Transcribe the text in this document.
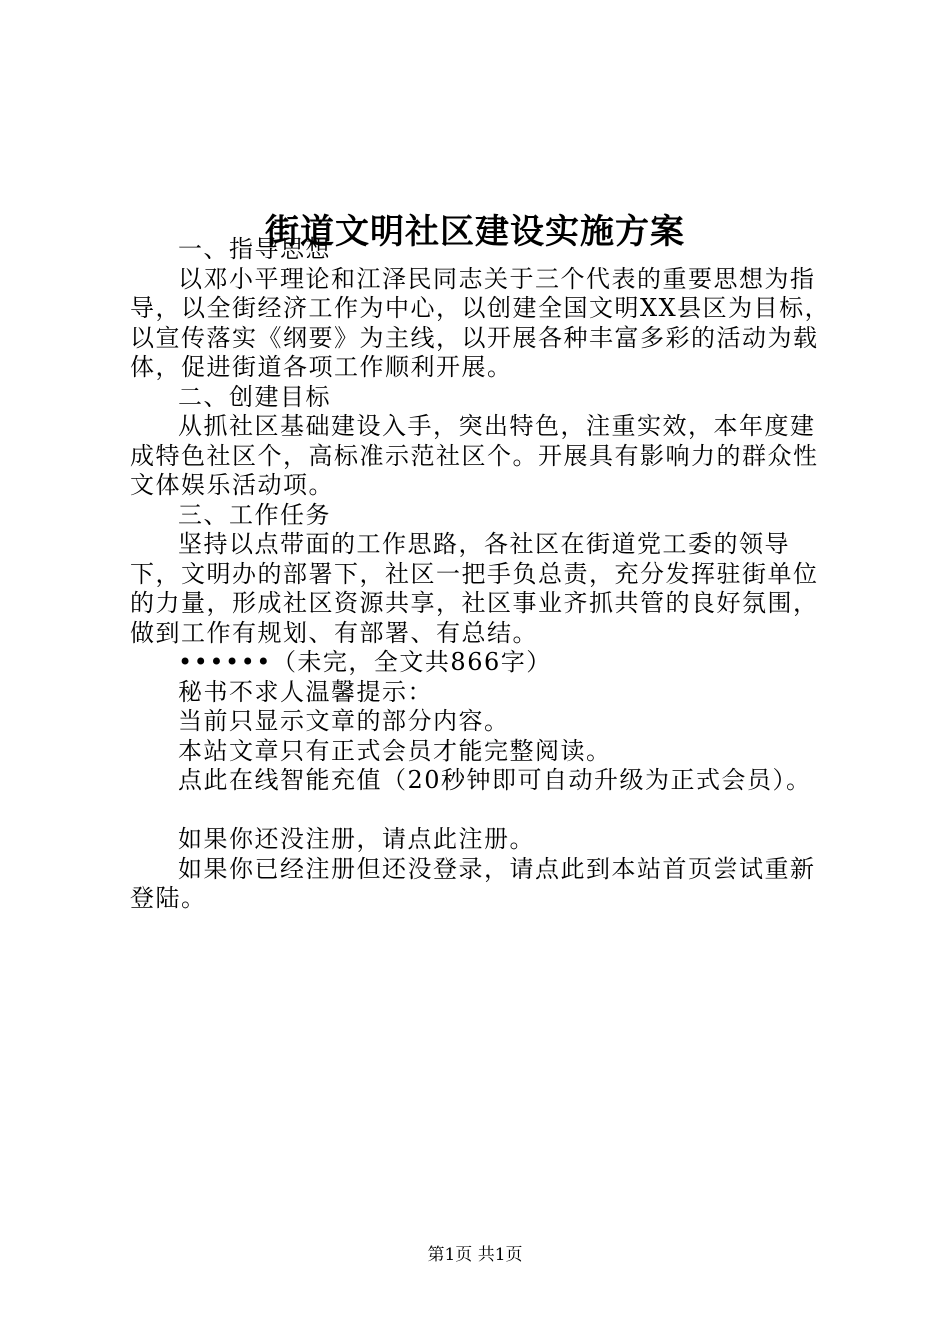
街道文明社区建设实施方案

一、指导思想

以邓小平理论和江泽民同志关于三个代表的重要思想为指导，以全街经济工作为中心，以创建全国文明XX县区为目标，以宣传落实《纲要》为主线，以开展各种丰富多彩的活动为载体，促进街道各项工作顺利开展。

二、创建目标

从抓社区基础建设入手，突出特色，注重实效，本年度建成特色社区个，高标准示范社区个。开展具有影响力的群众性文体娱乐活动项。

三、工作任务

坚持以点带面的工作思路，各社区在街道党工委的领导下，文明办的部署下，社区一把手负总责，充分发挥驻街单位的力量，形成社区资源共享，社区事业齐抓共管的良好氛围，做到工作有规划、有部署、有总结。

••••••（未完，全文共866字）

秘书不求人温馨提示：

当前只显示文章的部分内容。

本站文章只有正式会员才能完整阅读。

点此在线智能充值（20秒钟即可自动升级为正式会员）。

如果你还没注册，请点此注册。

如果你已经注册但还没登录，请点此到本站首页尝试重新登陆。

第1页 共1页
